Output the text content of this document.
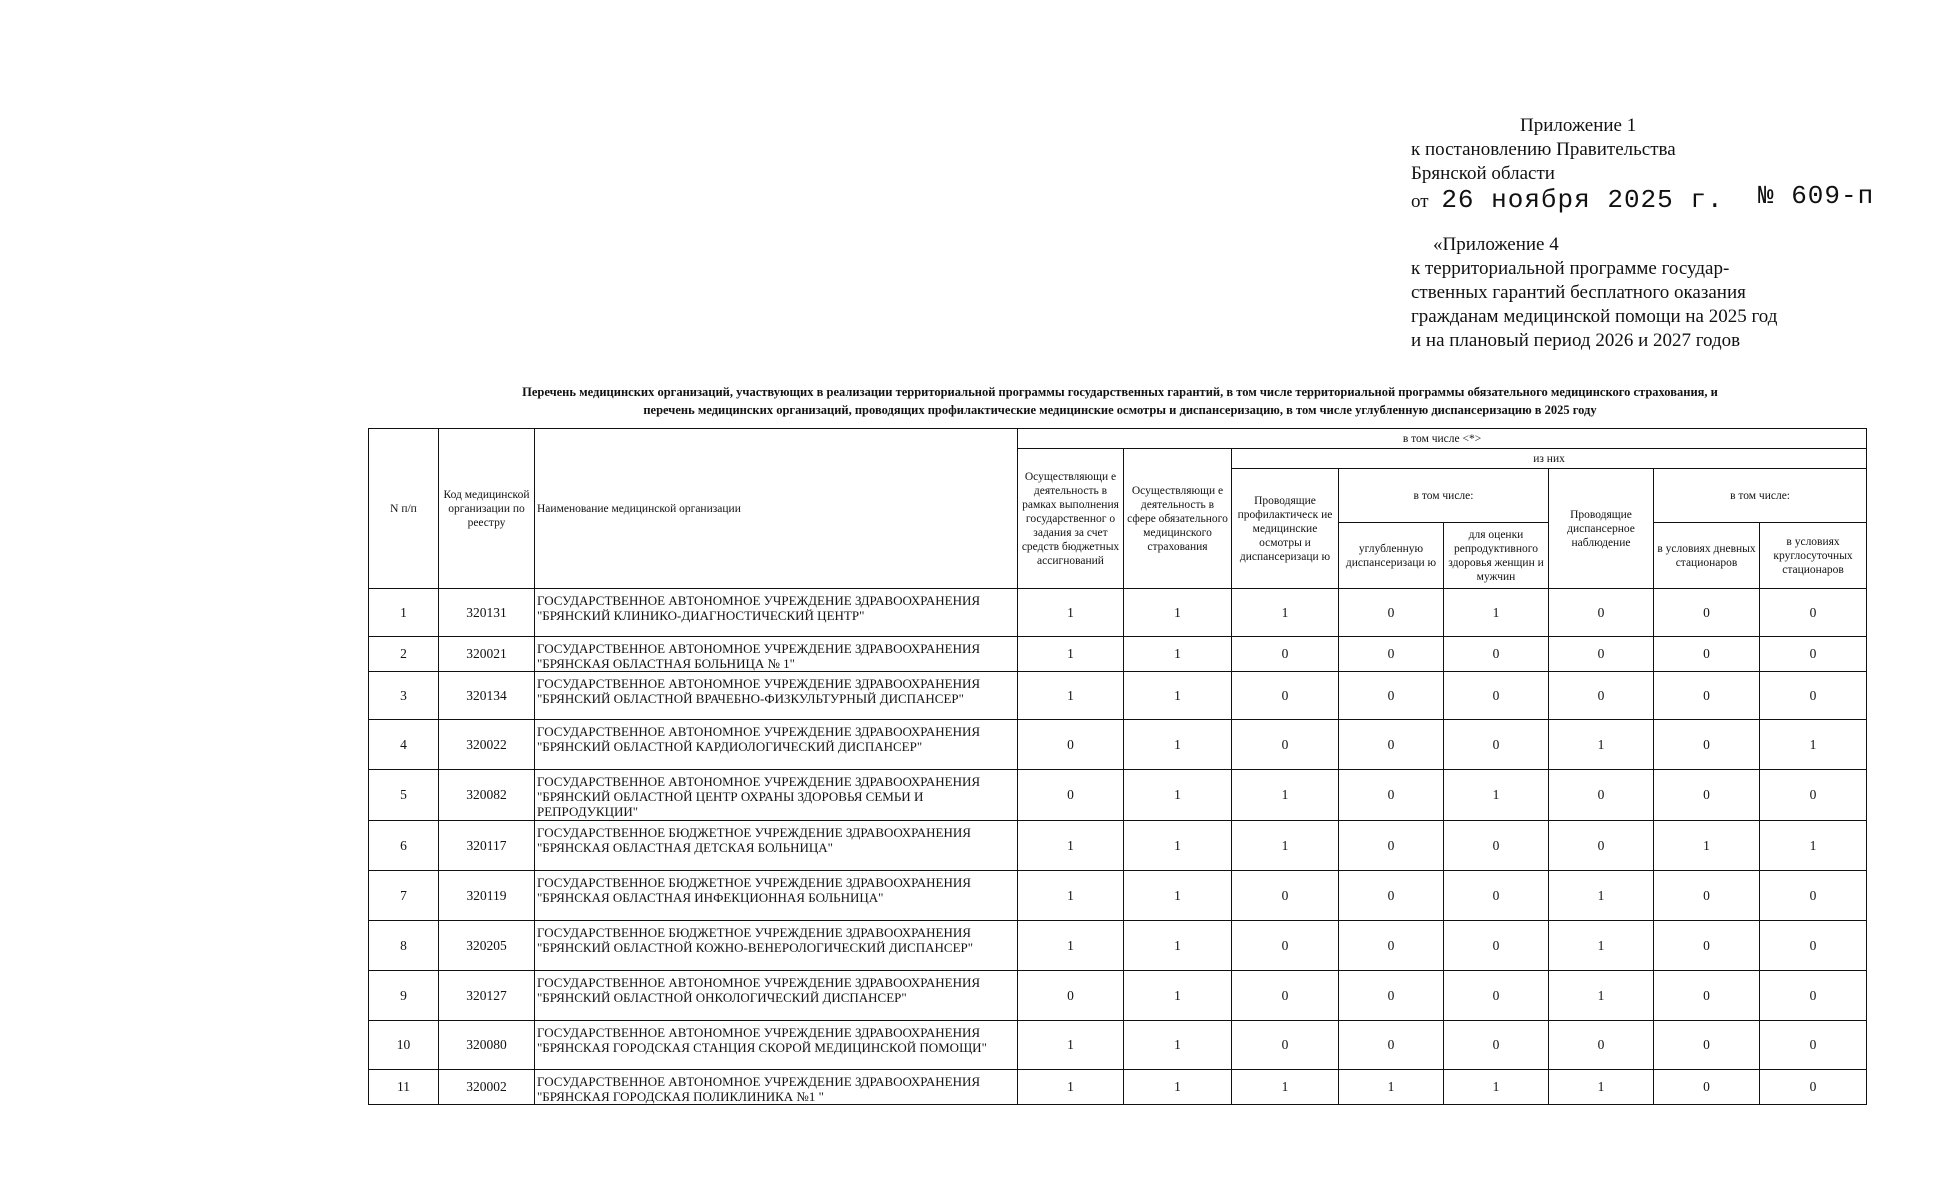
Приложение 1
к постановлению Правительства
Брянской области
от 26 ноября 2025 г. № 609-п
«Приложение 4
к территориальной программе государ-
ственных гарантий бесплатного оказания
гражданам медицинской помощи на 2025 год
и на плановый период 2026 и 2027 годов
Перечень медицинских организаций, участвующих в реализации территориальной программы государственных гарантий, в том числе территориальной программы обязательного медицинского страхования, и
перечень медицинских организаций, проводящих профилактические медицинские осмотры и диспансеризацию, в том числе углубленную диспансеризацию в 2025 году
N п/п	Код медицинской организации по реестру	Наименование медицинской организации	в том числе <*>							

			Осуществляющи е деятельность в рамках выполнения государственног о задания за счет средств бюджетных ассигнований	Осуществляющи е деятельность в сфере обязательного медицинского страхования	из них					
					Проводящие профилактическ ие медицинские осмотры и диспансеризаци ю	в том числе:		Проводящие диспансерное наблюдение	в том числе:	
						углубленную диспансеризаци ю	для оценки репродуктивного здоровья женщин и мужчин		в условиях дневных стационаров	в условиях круглосуточных стационаров
1	320131	ГОСУДАРСТВЕННОЕ АВТОНОМНОЕ УЧРЕЖДЕНИЕ ЗДРАВООХРАНЕНИЯ "БРЯНСКИЙ КЛИНИКО-ДИАГНОСТИЧЕСКИЙ ЦЕНТР"	1	1	1	0	1	0	0	0
2	320021	ГОСУДАРСТВЕННОЕ АВТОНОМНОЕ УЧРЕЖДЕНИЕ ЗДРАВООХРАНЕНИЯ "БРЯНСКАЯ ОБЛАСТНАЯ БОЛЬНИЦА № 1"	1	1	0	0	0	0	0	0
3	320134	ГОСУДАРСТВЕННОЕ АВТОНОМНОЕ УЧРЕЖДЕНИЕ ЗДРАВООХРАНЕНИЯ "БРЯНСКИЙ ОБЛАСТНОЙ ВРАЧЕБНО-ФИЗКУЛЬТУРНЫЙ ДИСПАНСЕР"	1	1	0	0	0	0	0	0
4	320022	ГОСУДАРСТВЕННОЕ АВТОНОМНОЕ УЧРЕЖДЕНИЕ ЗДРАВООХРАНЕНИЯ "БРЯНСКИЙ ОБЛАСТНОЙ КАРДИОЛОГИЧЕСКИЙ ДИСПАНСЕР"	0	1	0	0	0	1	0	1
5	320082	ГОСУДАРСТВЕННОЕ АВТОНОМНОЕ УЧРЕЖДЕНИЕ ЗДРАВООХРАНЕНИЯ "БРЯНСКИЙ ОБЛАСТНОЙ ЦЕНТР ОХРАНЫ ЗДОРОВЬЯ СЕМЬИ И РЕПРОДУКЦИИ"	0	1	1	0	1	0	0	0
6	320117	ГОСУДАРСТВЕННОЕ БЮДЖЕТНОЕ УЧРЕЖДЕНИЕ ЗДРАВООХРАНЕНИЯ "БРЯНСКАЯ ОБЛАСТНАЯ ДЕТСКАЯ БОЛЬНИЦА"	1	1	1	0	0	0	1	1
7	320119	ГОСУДАРСТВЕННОЕ БЮДЖЕТНОЕ УЧРЕЖДЕНИЕ ЗДРАВООХРАНЕНИЯ "БРЯНСКАЯ ОБЛАСТНАЯ ИНФЕКЦИОННАЯ БОЛЬНИЦА"	1	1	0	0	0	1	0	0
8	320205	ГОСУДАРСТВЕННОЕ БЮДЖЕТНОЕ УЧРЕЖДЕНИЕ ЗДРАВООХРАНЕНИЯ "БРЯНСКИЙ ОБЛАСТНОЙ КОЖНО-ВЕНЕРОЛОГИЧЕСКИЙ ДИСПАНСЕР"	1	1	0	0	0	1	0	0
9	320127	ГОСУДАРСТВЕННОЕ АВТОНОМНОЕ УЧРЕЖДЕНИЕ ЗДРАВООХРАНЕНИЯ "БРЯНСКИЙ ОБЛАСТНОЙ ОНКОЛОГИЧЕСКИЙ ДИСПАНСЕР"	0	1	0	0	0	1	0	0
10	320080	ГОСУДАРСТВЕННОЕ АВТОНОМНОЕ УЧРЕЖДЕНИЕ ЗДРАВООХРАНЕНИЯ "БРЯНСКАЯ ГОРОДСКАЯ СТАНЦИЯ СКОРОЙ МЕДИЦИНСКОЙ ПОМОЩИ"	1	1	0	0	0	0	0	0
11	320002	ГОСУДАРСТВЕННОЕ АВТОНОМНОЕ УЧРЕЖДЕНИЕ ЗДРАВООХРАНЕНИЯ "БРЯНСКАЯ ГОРОДСКАЯ ПОЛИКЛИНИКА №1 "	1	1	1	1	1	1	0	0
